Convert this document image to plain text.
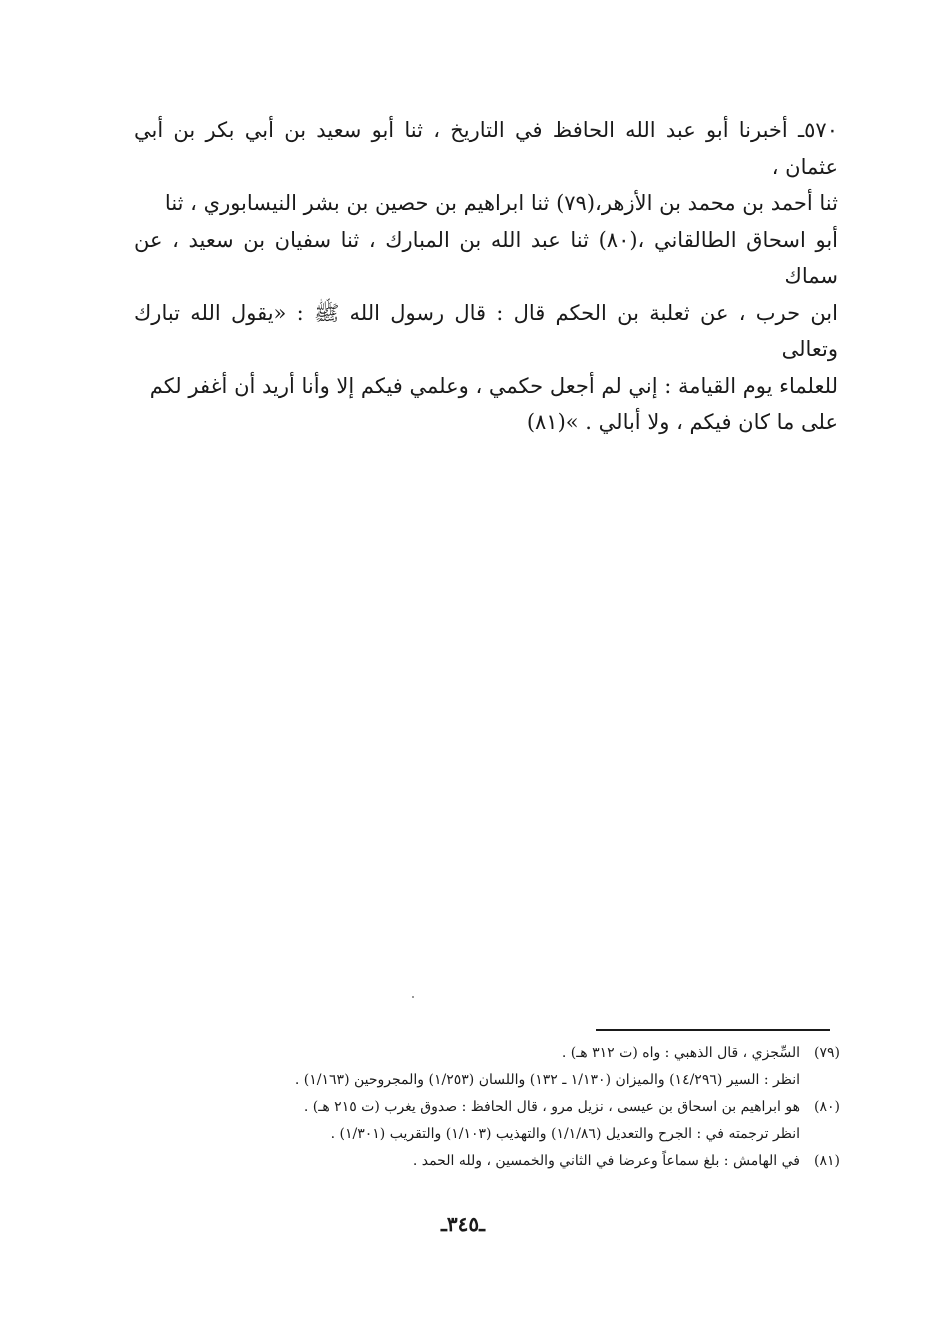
٥٧٠ـ أخبرنا أبو عبد الله الحافظ في التاريخ ، ثنا أبو سعيد بن أبي بكر بن أبي عثمان ،

ثنا أحمد بن محمد بن الأزهر،(٧٩) ثنا ابراهيم بن حصين بن بشر النيسابوري ، ثنا

أبو اسحاق الطالقاني ،(٨٠) ثنا عبد الله بن المبارك ، ثنا سفيان بن سعيد ، عن سماك

ابن حرب ، عن ثعلبة بن الحكم قال : قال رسول الله ﷺ : «يقول الله تبارك وتعالى

للعلماء يوم القيامة : إني لم أجعل حكمي ، وعلمي فيكم إلا وأنا أريد أن أغفر لكم

على ما كان فيكم ، ولا أبالي . »(٨١)

(٧٩)السِّجزي ، قال الذهبي : واه (ت ٣١٢ هـ) .
انظر : السير (١٤/٢٩٦) والميزان (١/١٣٠ ـ ١٣٢) واللسان (١/٢٥٣) والمجروحين (١/١٦٣) .
(٨٠)هو ابراهيم بن اسحاق بن عيسى ، نزيل مرو ، قال الحافظ : صدوق يغرب (ت ٢١٥ هـ) .
انظر ترجمته في : الجرح والتعديل (١/١/٨٦) والتهذيب (١/١٠٣) والتقريب (١/٣٠١) .
(٨١)في الهامش : بلغ سماعاً وعرضا في الثاني والخمسين ، ولله الحمد .
ـ٣٤٥ـ
